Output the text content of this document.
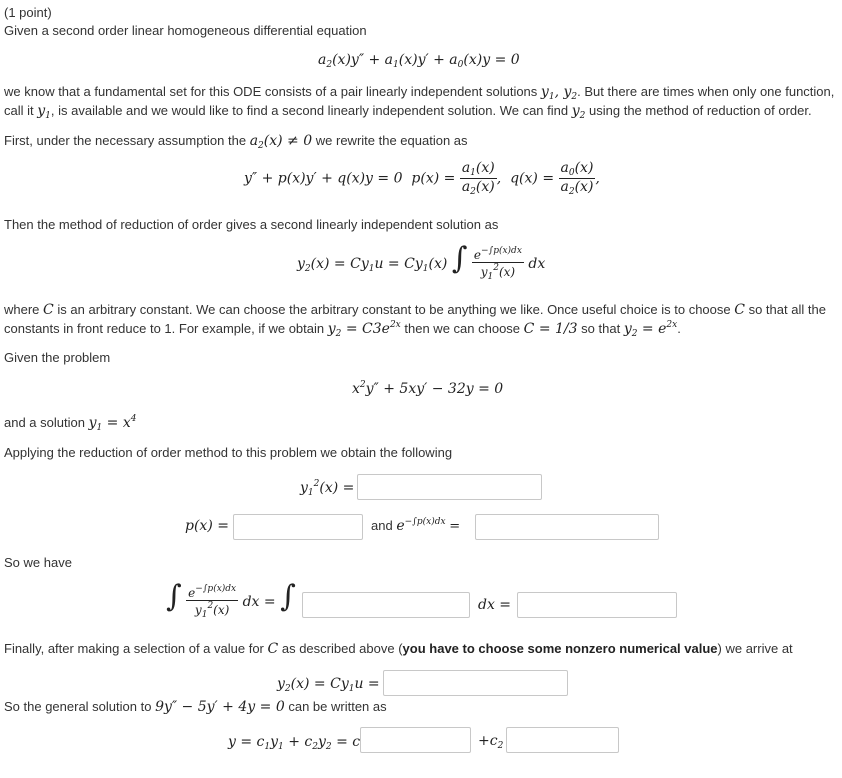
(1 point)
Given a second order linear homogeneous differential equation
$a_2(x)y'' + a_1(x)y' + a_0(x)y = 0$
we know that a fundamental set for this ODE consists of a pair linearly independent solutions $y_1$, $y_2$. But there are times when only one function,
call it $y_1$, is available and we would like to find a second linearly independent solution. We can find $y_2$ using the method of reduction of order.
First, under the necessary assumption the $a_2(x) \ne 0$ we rewrite the equation as
y″ + p(x)y′ + q(x)y = 0  $p(x) = \frac{a_1(x)}{a_2(x)}$ ,  $q(x) = \frac{a_0(x)}{a_2(x)}$ ,
Then the method of reduction of order gives a second linearly independent solution as
$y_2(x) = Cy_1u = Cy_1(x)$ ∫ $\frac{e^{-\int p(x)dx}}{y_1^2(x)}$ dx
where C is an arbitrary constant. We can choose the arbitrary constant to be anything we like. Once useful choice is to choose C so that all the
constants in front reduce to 1. For example, if we obtain $y_2 = C3e^{2x}$ then we can choose C = 1/3 so that $y_2 = e^{2x}$.
Given the problem
$x^2y'' + 5xy' - 32y = 0$
and a solution $y_1 = x^4$
Applying the reduction of order method to this problem we obtain the following
$y_1^2(x)$ =
p(x) =	and $e^{-\int p(x)dx}$ =
So we have
∫ $\frac{e^{-\int p(x)dx}}{y_1^2(x)}$ dx = ∫	dx =
Finally, after making a selection of a value for C as described above (you have to choose some nonzero numerical value) we arrive at
$y_2(x) = Cy_1u$ =
So the general solution to 9y″ − 5y′ + 4y = 0 can be written as
$y = c_1y_1 + c_2y_2 = c$	$+c_2$
